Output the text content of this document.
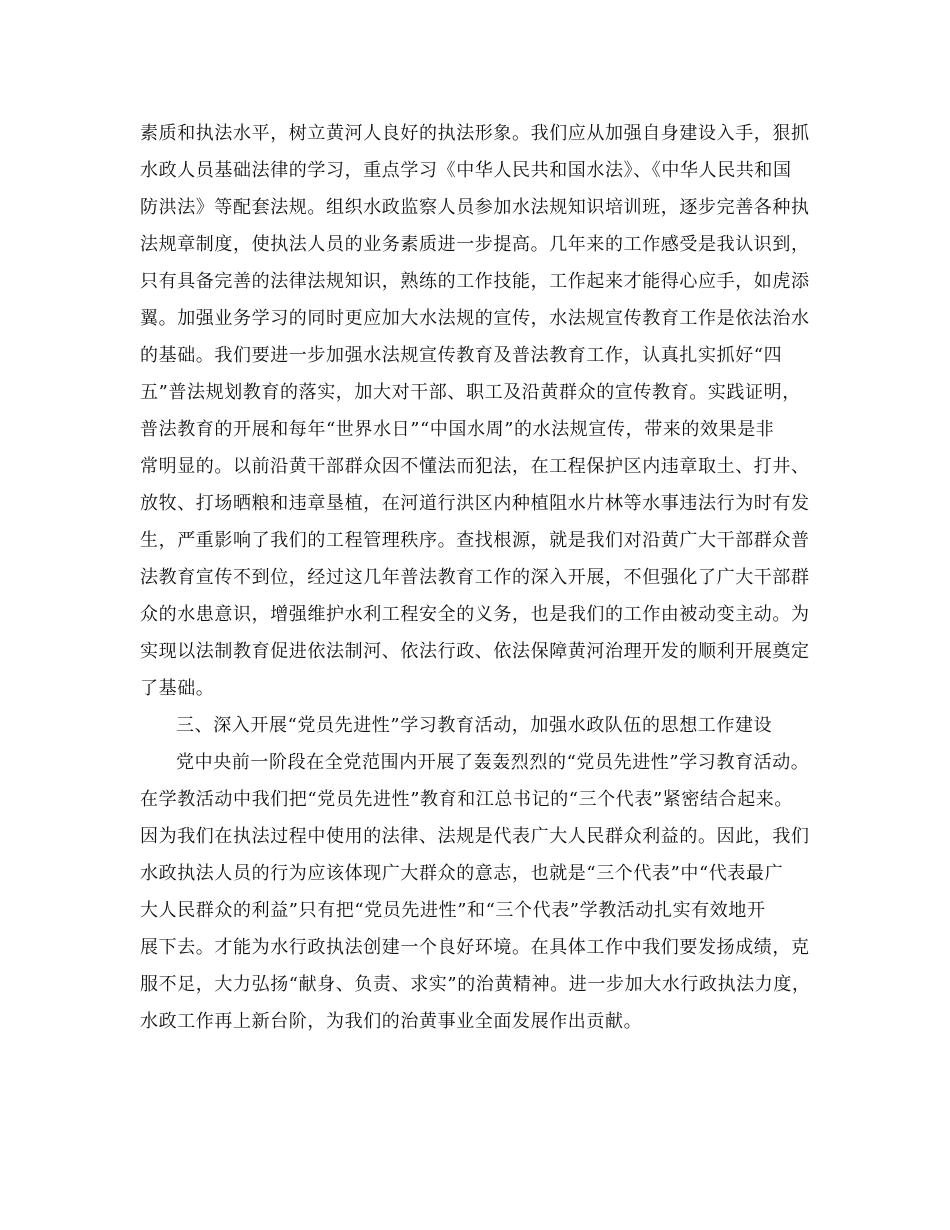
素质和执法水平，树立黄河人良好的执法形象。我们应从加强自身建设入手，狠抓
水政人员基础法律的学习，重点学习《中华人民共和国水法》、《中华人民共和国
防洪法》等配套法规。组织水政监察人员参加水法规知识培训班，逐步完善各种执
法规章制度，使执法人员的业务素质进一步提高。几年来的工作感受是我认识到，
只有具备完善的法律法规知识，熟练的工作技能，工作起来才能得心应手，如虎添
翼。加强业务学习的同时更应加大水法规的宣传，水法规宣传教育工作是依法治水
的基础。我们要进一步加强水法规宣传教育及普法教育工作，认真扎实抓好“四
五”普法规划教育的落实，加大对干部、职工及沿黄群众的宣传教育。实践证明，
普法教育的开展和每年“世界水日”“中国水周”的水法规宣传，带来的效果是非
常明显的。以前沿黄干部群众因不懂法而犯法，在工程保护区内违章取土、打井、
放牧、打场晒粮和违章垦植，在河道行洪区内种植阻水片林等水事违法行为时有发
生，严重影响了我们的工程管理秩序。查找根源，就是我们对沿黄广大干部群众普
法教育宣传不到位，经过这几年普法教育工作的深入开展，不但强化了广大干部群
众的水患意识，增强维护水利工程安全的义务，也是我们的工作由被动变主动。为
实现以法制教育促进依法制河、依法行政、依法保障黄河治理开发的顺利开展奠定
了基础。
三、深入开展“党员先进性”学习教育活动，加强水政队伍的思想工作建设
党中央前一阶段在全党范围内开展了轰轰烈烈的“党员先进性”学习教育活动。
在学教活动中我们把“党员先进性”教育和江总书记的“三个代表”紧密结合起来。
因为我们在执法过程中使用的法律、法规是代表广大人民群众利益的。因此，我们
水政执法人员的行为应该体现广大群众的意志，也就是“三个代表”中“代表最广
大人民群众的利益”只有把“党员先进性”和“三个代表”学教活动扎实有效地开
展下去。才能为水行政执法创建一个良好环境。在具体工作中我们要发扬成绩，克
服不足，大力弘扬“献身、负责、求实”的治黄精神。进一步加大水行政执法力度，
水政工作再上新台阶，为我们的治黄事业全面发展作出贡献。
